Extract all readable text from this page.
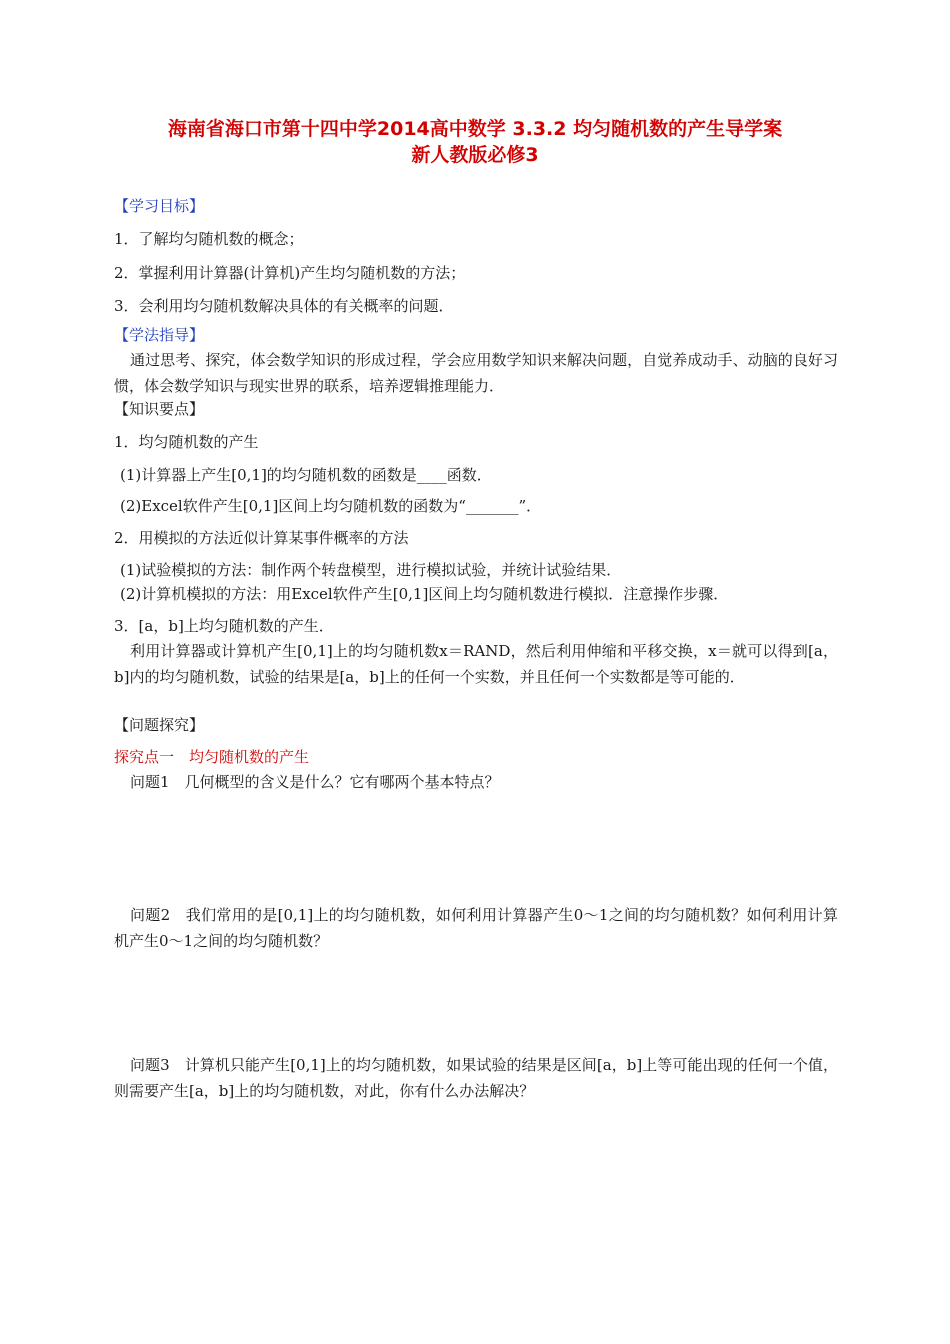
海南省海口市第十四中学2014高中数学 3.3.2 均匀随机数的产生导学案
新人教版必修3
【学习目标】
1．了解均匀随机数的概念；
2．掌握利用计算器(计算机)产生均匀随机数的方法；
3．会利用均匀随机数解决具体的有关概率的问题．
【学法指导】
通过思考、探究，体会数学知识的形成过程，学会应用数学知识来解决问题，自觉养成动手、动脑的良好习惯，体会数学知识与现实世界的联系，培养逻辑推理能力．
【知识要点】
1．均匀随机数的产生
(1)计算器上产生[0,1]的均匀随机数的函数是____函数．
(2)Excel软件产生[0,1]区间上均匀随机数的函数为“_______”．
2．用模拟的方法近似计算某事件概率的方法
(1)试验模拟的方法：制作两个转盘模型，进行模拟试验，并统计试验结果．
(2)计算机模拟的方法：用Excel软件产生[0,1]区间上均匀随机数进行模拟．注意操作步骤．
3．[a，b]上均匀随机数的产生．
利用计算器或计算机产生[0,1]上的均匀随机数x＝RAND，然后利用伸缩和平移交换，x＝就可以得到[a，b]内的均匀随机数，试验的结果是[a，b]上的任何一个实数，并且任何一个实数都是等可能的．
【问题探究】
探究点一　均匀随机数的产生
问题1　几何概型的含义是什么？它有哪两个基本特点？
问题2　我们常用的是[0,1]上的均匀随机数，如何利用计算器产生0～1之间的均匀随机数？如何利用计算机产生0～1之间的均匀随机数？
问题3　计算机只能产生[0,1]上的均匀随机数，如果试验的结果是区间[a，b]上等可能出现的任何一个值，则需要产生[a，b]上的均匀随机数，对此，你有什么办法解决？
